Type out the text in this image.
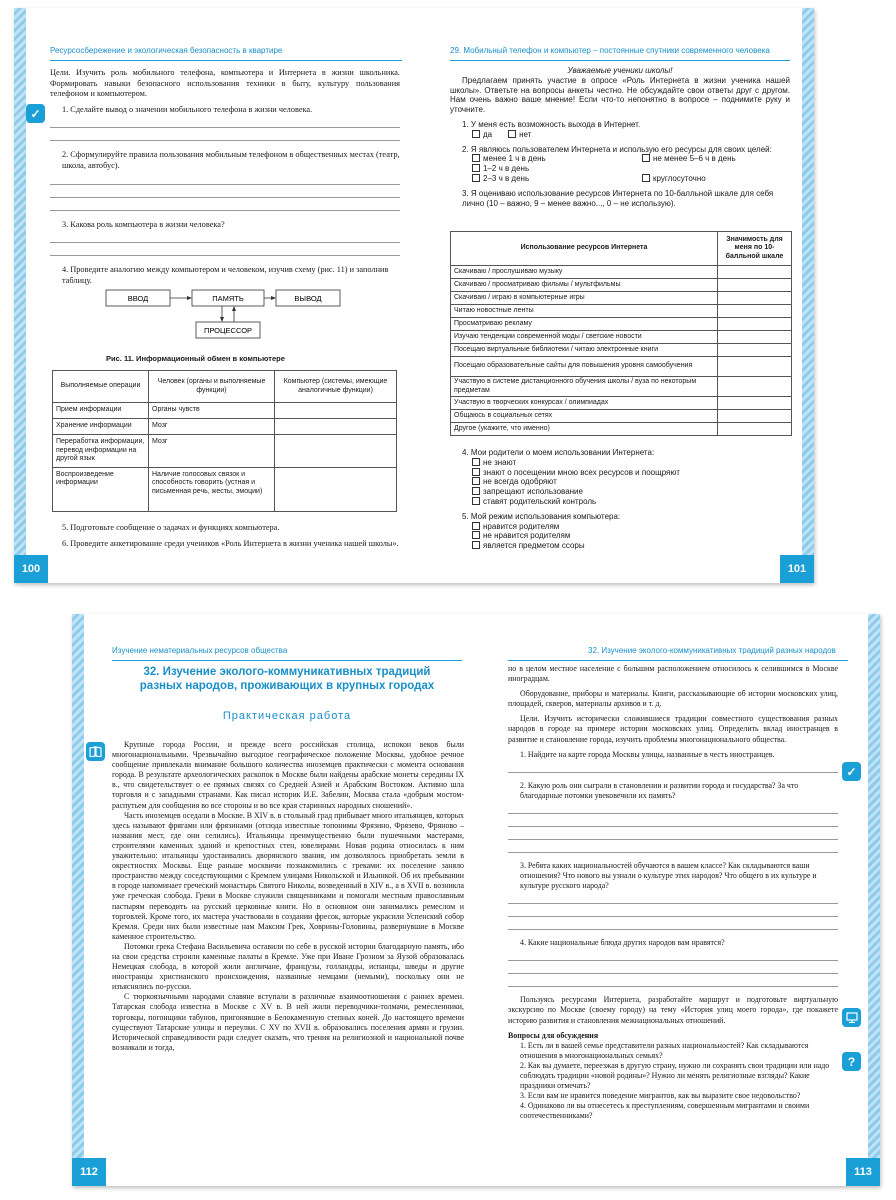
Ресурсосбережение и экологическая безопасность в квартире
✓
Цели. Изучить роль мобильного телефона, компьютера и Интернета в жизни школьника. Формировать навыки безопасного использования техники в быту, культуру пользования телефоном и компьютером.
1. Сделайте вывод о значении мобильного телефона в жизни человека.
2. Сформулируйте правила пользования мобильным телефоном в общественных местах (театр, школа, автобус).
3. Какова роль компьютера в жизни человека?
4. Проведите аналогию между компьютером и человеком, изучив схему (рис. 11) и заполнив таблицу.
ВВОД	ПАМЯТЬ	ВЫВОД
ПРОЦЕССОР
Рис. 11. Информационный обмен в компьютере
Выполняемые операции	Человек (органы и выполняемые функции)	Компьютер (системы, имеющие аналогичные функции)
Прием информации	Органы чувств	
Хранение информации	Мозг	
Переработка информации, перевод информации на другой язык	Мозг	
Воспроизведение информации	Наличие голосовых связок и способность говорить (устная и письменная речь, жесты, эмоции)	
5. Подготовьте сообщение о задачах и функциях компьютера.
6. Проведите анкетирование среди учеников «Роль Интернета в жизни ученика нашей школы».
100
29. Мобильный телефон и компьютер – постоянные спутники современного человека
Уважаемые ученики школы!
Предлагаем принять участие в опросе «Роль Интернета в жизни ученика нашей школы». Ответьте на вопросы анкеты честно. Не обсуждайте свои ответы друг с другом. Нам очень важно ваше мнение! Если что-то непонятно в вопросе – поднимите руку и уточните.
1. У меня есть возможность выхода в Интернет.
да	нет
2. Я являюсь пользователем Интернета и использую его ресурсы для своих целей:
менее 1 ч в день	не менее 5–6 ч в день
1–2 ч в день
2–3 ч в день	круглосуточно
3. Я оцениваю использование ресурсов Интернета по 10-балльной шкале для себя лично (10 – важно, 9 – менее важно..., 0 – не использую).
Использование ресурсов Интернета	Значимость для меня по 10-балльной шкале
Скачиваю / прослушиваю музыку	
Скачиваю / просматриваю фильмы / мультфильмы	
Скачиваю / играю в компьютерные игры	
Читаю новостные ленты	
Просматриваю рекламу	
Изучаю тенденции современной моды / светские новости	
Посещаю виртуальные библиотеки / читаю электронные книги	
Посещаю образовательные сайты для повышения уровня самообучения	
Участвую в системе дистанционного обучения школы / вуза по некоторым предметам	
Участвую в творческих конкурсах / олимпиадах	
Общаюсь в социальных сетях	
Другое (укажите, что именно)	
4. Мои родители о моем использовании Интернета:
не знают
знают о посещении мною всех ресурсов и поощряют
не всегда одобряют
запрещают использование
ставят родительский контроль
5. Мой режим использования компьютера:
нравится родителям
не нравится родителям
является предметом ссоры
101
Изучение нематериальных ресурсов общества
32. Изучение эколого-коммуникативных традиций разных народов, проживающих в крупных городах
Практическая работа

Крупные города России, и прежде всего российская столица, испокон веков были многонациональными. Чрезвычайно выгодное географическое положение Москвы, удобное речное сообщение привлекали внимание большого количества иноземцев практически с момента основания города. В результате археологических раскопок в Москве были найдены арабские монеты середины IX в., что свидетельствует о ее прямых связях со Средней Азией и Арабским Востоком. Активно шла торговля и с западными странами. Как писал историк И.Е. Забелин, Москва стала «добрым мостом-распутьем для сообщения во все стороны и во все края старинных народных сношений».

Часть иноземцев оседали в Москве. В XIV в. в стольный град прибывает много итальянцев, которых здесь называют фрягами или фрязинами (отсюда известные топонимы Фрязино, Фрязево, Фряново – названия мест, где они селились). Итальянцы преимущественно были пушечными мастерами, строителями каменных зданий и крепостных стен, ювелирами. Новая родина относилась к ним уважительно: итальянцы удостаивались дворянского звания, им дозволялось приобретать земли в окрестностях Москвы. Еще раньше москвичи познакомились с греками: их поселение заняло пространство между соседствующими с Кремлем улицами Никольской и Ильинкой. Об их пребывании в городе напоминает греческий монастырь Святого Николы, возведенный в XIV в., а в XVII в. возникла уже греческая слобода. Греки в Москве служили священниками и помогали местным православным пастырям переводить на русский церковные книги. Но в основном они занимались ремеслом и торговлей. Кроме того, их мастера участвовали в создании фресок, которые украсили Успенский собор Кремля. Среди них были известные нам Максим Грек, Ховрины-Головины, развернувшие в Москве каменное строительство.

Потомки грека Стефана Васильевича оставили по себе в русской истории благодарную память, ибо на свои средства строили каменные палаты в Кремле. Уже при Иване Грозном за Яузой образовалась Немецкая слобода, в которой жили англичане, французы, голландцы, испанцы, шведы и другие иностранцы христианского происхождения, названные немцами (немыми), поскольку они не изъяснялись по-русски.

С тюркоязычными народами славяне вступали в различные взаимоотношения с раннех времен. Татарская слобода известна в Москве с XV в. В ней жили переводчики-толмачи, ремесленники, торговцы, погонщики табунов, пригонявшие в Белокаменную степных коней. До настоящего времени существуют Татарские улицы и переулки. С XV по XVII в. образовались поселения армян и грузин. Исторической справедливости ради следует сказать, что трения на религиозной и национальной почве возникали и тогда,

112
32. Изучение эколого-коммуникативных традиций разных народов
✓
?
но в целом местное население с большим расположением относилось к селившимся в Москве иноградцам.
Оборудование, приборы и материалы. Книги, рассказывающие об истории московских улиц, площадей, скверов, материалы архивов и т. д.
Цели. Изучить исторически сложившиеся традиции совместного существования разных народов в городе на примере истории московских улиц. Определить вклад иностранцев в развитие и становление города, изучить проблемы многонационального общества.
1. Найдите на карте города Москвы улицы, названные в честь иностранцев.
2. Какую роль они сыграли в становлении и развитии города и государства? За что благодарные потомки увековечили их память?
3. Ребята каких национальностей обучаются в вашем классе? Как складываются ваши отношения? Что нового вы узнали о культуре этих народов? Что общего в их культуре и культуре русского народа?
4. Какие национальные блюда других народов вам нравятся?
Пользуясь ресурсами Интернета, разработайте маршрут и подготовьте виртуальную экскурсию по Москве (своему городу) на тему «История улиц моего города», где покажете историю развития и становления межнациональных отношений.
Вопросы для обсуждения
1. Есть ли в вашей семье представители разных национальностей? Как складываются отношения в многонациональных семьях?
2. Как вы думаете, переезжая в другую страну, нужно ли сохранять свои традиции или надо соблюдать традиции «новой родины»? Нужно ли менять религиозные взгляды? Какие праздники отмечать?
3. Если вам не нравится поведение мигрантов, как вы выразите свое недовольство?
4. Одинаково ли вы отнесетесь к преступлениям, совершенным мигрантами и своими соотечественниками?
113
